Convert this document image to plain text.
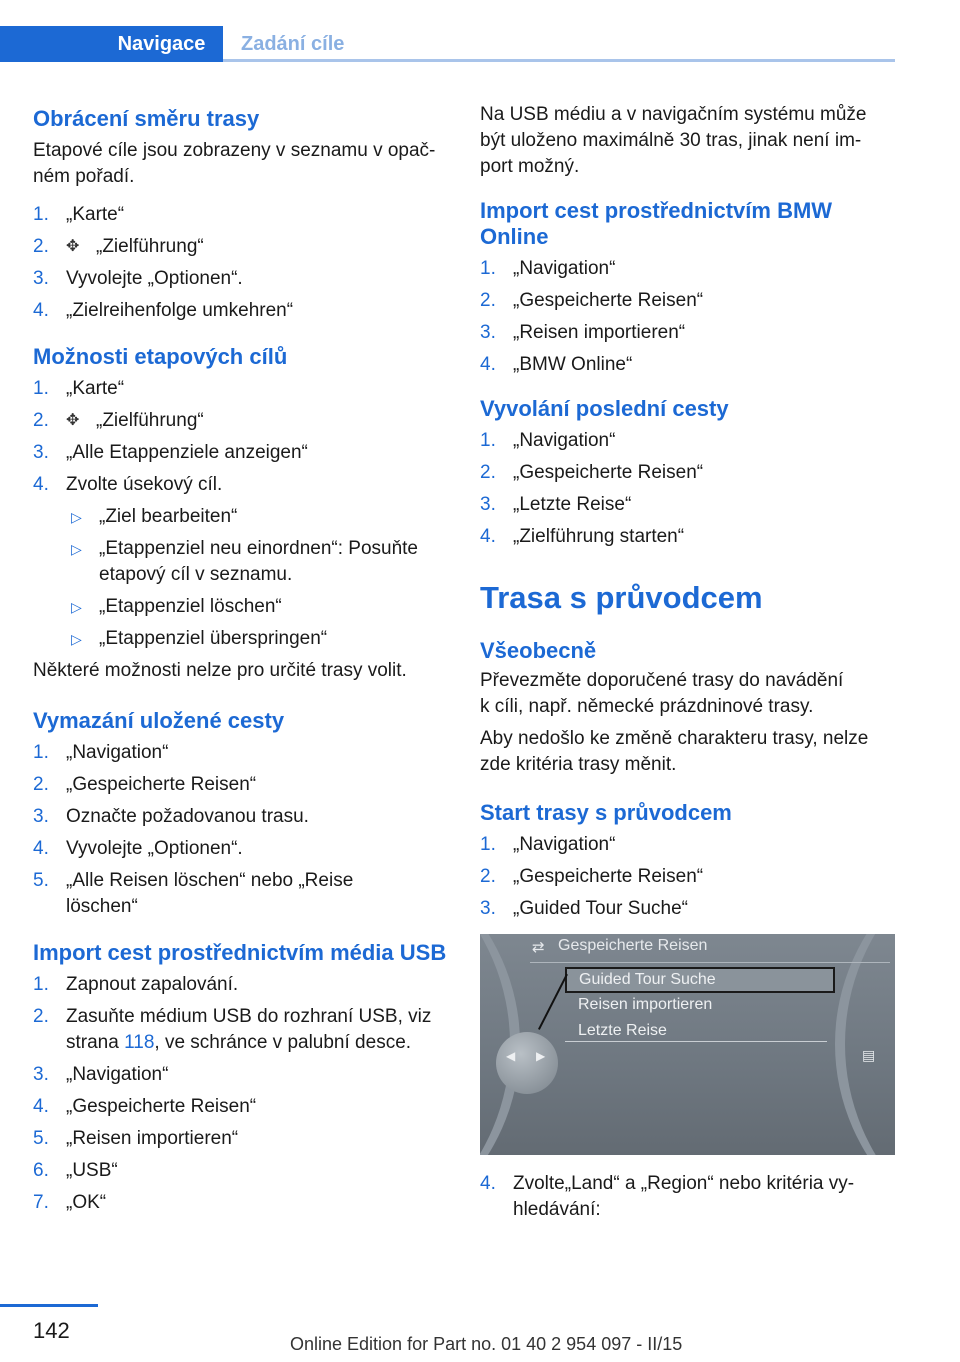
Navigace	Zadání cíle
Obrácení směru trasy
Etapové cíle jsou zobrazeny v seznamu v opač-
ném pořadí.
1. „Karte“
2. ✥ „Zielführung“
3. Vyvolejte „Optionen“.
4. „Zielreihenfolge umkehren“
Možnosti etapových cílů
1. „Karte“
2. ✥ „Zielführung“
3. „Alle Etappenziele anzeigen“
4. Zvolte úsekový cíl.
▷ „Ziel bearbeiten“
▷ „Etappenziel neu einordnen“: Posuňte
etapový cíl v seznamu.
▷ „Etappenziel löschen“
▷ „Etappenziel überspringen“
Některé možnosti nelze pro určité trasy volit.
Vymazání uložené cesty
1. „Navigation“
2. „Gespeicherte Reisen“
3. Označte požadovanou trasu.
4. Vyvolejte „Optionen“.
5. „Alle Reisen löschen“ nebo „Reise
löschen“
Import cest prostřednictvím média USB
1. Zapnout zapalování.
2. Zasuňte médium USB do rozhraní USB, viz
strana 118, ve schránce v palubní desce.
3. „Navigation“
4. „Gespeicherte Reisen“
5. „Reisen importieren“
6. „USB“
7. „OK“
Na USB médiu a v navigačním systému může
být uloženo maximálně 30 tras, jinak není im-
port možný.
Import cest prostřednictvím BMW Online
1. „Navigation“
2. „Gespeicherte Reisen“
3. „Reisen importieren“
4. „BMW Online“
Vyvolání poslední cesty
1. „Navigation“
2. „Gespeicherte Reisen“
3. „Letzte Reise“
4. „Zielführung starten“
Trasa s průvodcem
Všeobecně
Převezměte doporučené trasy do navádění
k cíli, např. německé prázdninové trasy.
Aby nedošlo ke změně charakteru trasy, nelze
zde kritéria trasy měnit.
Start trasy s průvodcem
1. „Navigation“
2. „Gespeicherte Reisen“
3. „Guided Tour Suche“
⇄ Gespeicherte Reisen
Guided Tour Suche
Reisen importieren
Letzte Reise
◀ ▶	▤
4. Zvolte„Land“ a „Region“ nebo kritéria vy-
hledávání:
142
Online Edition for Part no. 01 40 2 954 097 - II/15
